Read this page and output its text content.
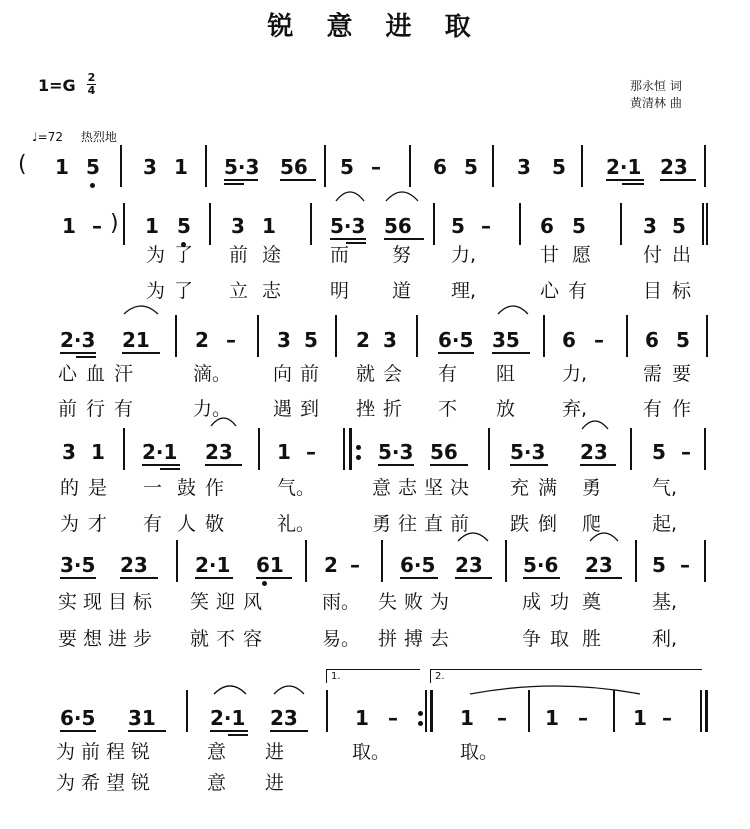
锐 意 进 取
1=G 2
4	那永恒 词
黄清林 曲
♩=72 热烈地
( 1 5 3 1 5·3 56 5 –	6 5 3 5 2·1 23
1 – ) 1 5 3 1	5·3 56 5 – 6 5	3 5
为 了 前 途	而 努 力,	甘 愿	付 出
为 了 立 志	明 道 理,	心 有	目 标
2·3 21 2 – 3 5 2 3 6·5 35 6 – 6 5
心 血 汗	滴。 向 前 就 会 有 阻 力,	需 要
前 行 有	力。 遇 到 挫 折 不 放 弃,	有 作
3 1 2·1 23 1 –	5·3 56	5·3 23 5 –
的 是 一 鼓 作	气。	意 志 坚 决 充 满 勇	气,
为 才 有 人 敬	礼。	勇 往 直 前 跌 倒 爬	起,
3·5 23 2·1 61 2 – 6·5 23 5·6 23 5 –
实 现 目 标 笑 迎 风	雨。 失 败 为	成 功 奠	基,
要 想 进 步 就 不 容	易。 拼 搏 去	争 取 胜	利,
6·5 31	2·1 23	1 –	1 – 1 – 1 –
为 前 程 锐	意 进	取。	取。
为 希 望 锐	意 进
1.	2.
